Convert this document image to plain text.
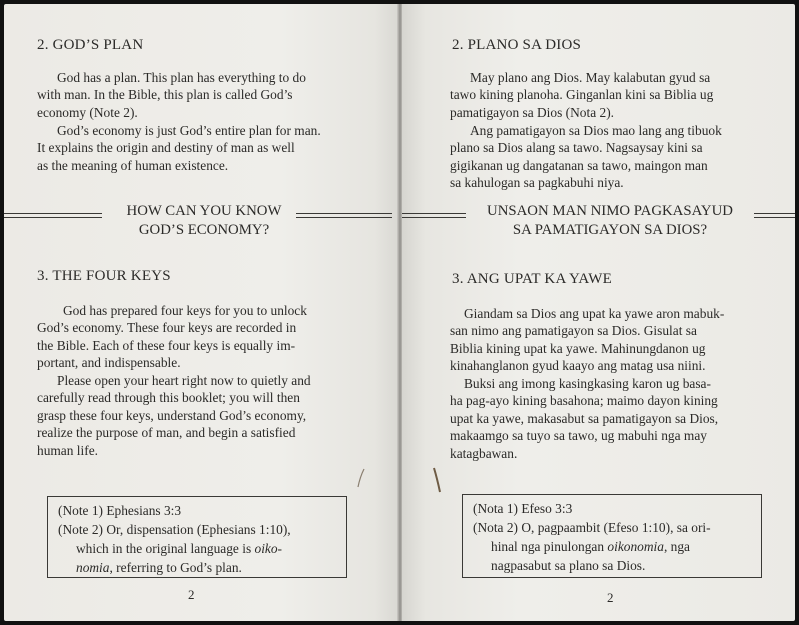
2. GOD’S PLAN
God has a plan. This plan has everything to do
with man. In the Bible, this plan is called God’s
economy (Note 2).
God’s economy is just God’s entire plan for man.
It explains the origin and destiny of man as well
as the meaning of human existence.
HOW CAN YOU KNOW
GOD’S ECONOMY?
3. THE FOUR KEYS
God has prepared four keys for you to unlock
God’s economy. These four keys are recorded in
the Bible. Each of these four keys is equally im-
portant, and indispensable.
Please open your heart right now to quietly and
carefully read through this booklet; you will then
grasp these four keys, understand God’s economy,
realize the purpose of man, and begin a satisfied
human life.
(Note 1) Ephesians 3:3
(Note 2) Or, dispensation (Ephesians 1:10),
which in the original language is oiko-
nomia, referring to God’s plan.
2
2. PLANO SA DIOS
May plano ang Dios. May kalabutan gyud sa
tawo kining planoha. Ginganlan kini sa Biblia ug
pamatigayon sa Dios (Nota 2).
Ang pamatigayon sa Dios mao lang ang tibuok
plano sa Dios alang sa tawo. Nagsaysay kini sa
gigikanan ug dangatanan sa tawo, maingon man
sa kahulogan sa pagkabuhi niya.
UNSAON MAN NIMO PAGKASAYUD
SA PAMATIGAYON SA DIOS?
3. ANG UPAT KA YAWE
Giandam sa Dios ang upat ka yawe aron mabuk-
san nimo ang pamatigayon sa Dios. Gisulat sa
Biblia kining upat ka yawe. Mahinungdanon ug
kinahanglanon gyud kaayo ang matag usa niini.
Buksi ang imong kasingkasing karon ug basa-
ha pag-ayo kining basahona; maimo dayon kining
upat ka yawe, makasabut sa pamatigayon sa Dios,
makaamgo sa tuyo sa tawo, ug mabuhi nga may
katagbawan.
(Nota 1) Efeso 3:3
(Nota 2) O, pagpaambit (Efeso 1:10), sa ori-
hinal nga pinulongan oikonomia, nga
nagpasabut sa plano sa Dios.
2
